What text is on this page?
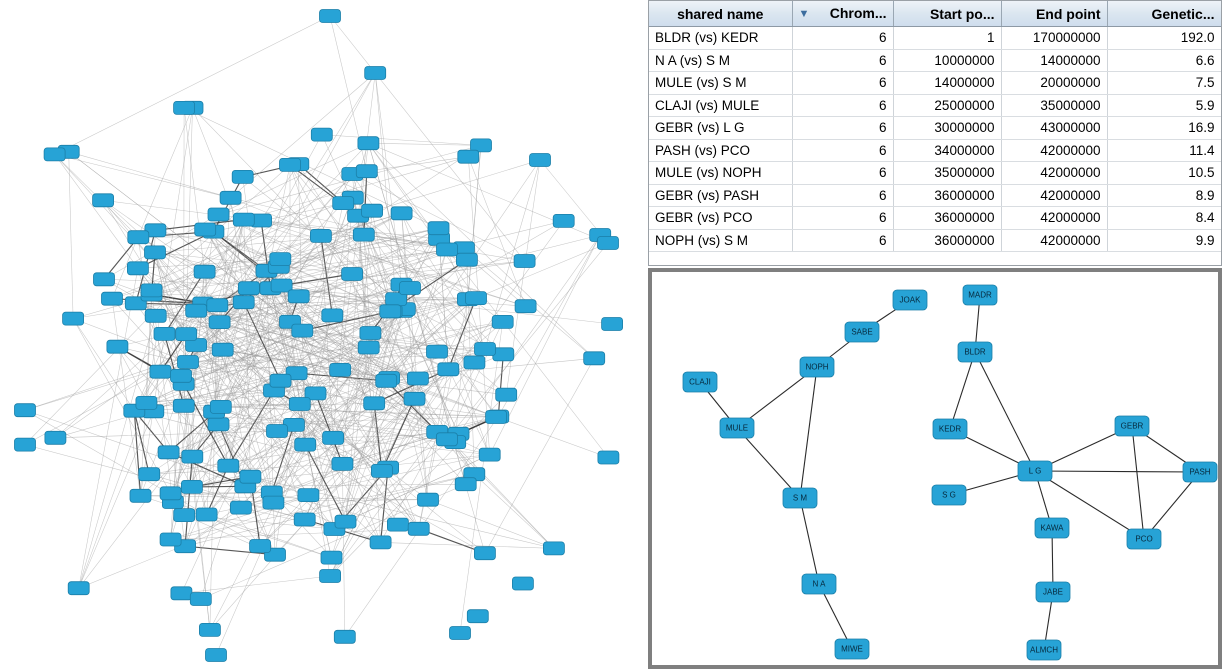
shared name	▼ Chrom...	Start po...	End point	Genetic...
BLDR (vs) KEDR	6	1	170000000	192.0
N A (vs) S M	6	10000000	14000000	6.6
MULE (vs) S M	6	14000000	20000000	7.5
CLAJI (vs) MULE	6	25000000	35000000	5.9
GEBR (vs) L G	6	30000000	43000000	16.9
PASH (vs) PCO	6	34000000	42000000	11.4
MULE (vs) NOPH	6	35000000	42000000	10.5
GEBR (vs) PASH	6	36000000	42000000	8.9
GEBR (vs) PCO	6	36000000	42000000	8.4
NOPH (vs) S M	6	36000000	42000000	9.9
JOAK
SABE
NOPH
CLAJI
MULE
S M
N A
MIWE
MADR
BLDR
KEDR
S G
L G
GEBR
PASH
PCO
KAWA
JABE
ALMCH
